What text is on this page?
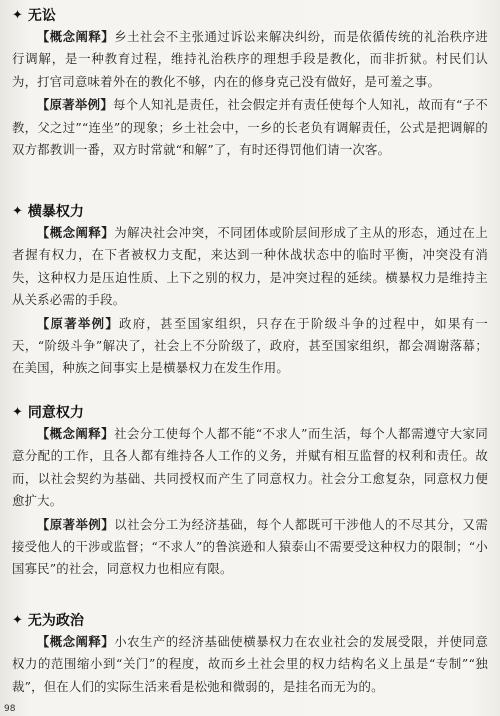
✦ 无讼

【概念阐释】乡土社会不主张通过诉讼来解决纠纷，而是依循传统的礼治秩序进行调解，是一种教育过程，维持礼治秩序的理想手段是教化，而非折狱。村民们认为，打官司意味着外在的教化不够，内在的修身克己没有做好，是可羞之事。

【原著举例】每个人知礼是责任，社会假定并有责任使每个人知礼，故而有“子不教，父之过”“连坐”的现象；乡土社会中，一乡的长老负有调解责任，公式是把调解的双方都教训一番，双方时常就“和解”了，有时还得罚他们请一次客。

✦ 横暴权力

【概念阐释】为解决社会冲突，不同团体或阶层间形成了主从的形态，通过在上者握有权力，在下者被权力支配，来达到一种休战状态中的临时平衡，冲突没有消失，这种权力是压迫性质、上下之别的权力，是冲突过程的延续。横暴权力是维持主从关系必需的手段。

【原著举例】政府，甚至国家组织，只存在于阶级斗争的过程中，如果有一天，“阶级斗争”解决了，社会上不分阶级了，政府，甚至国家组织，都会凋谢落幕；在美国，种族之间事实上是横暴权力在发生作用。

✦ 同意权力

【概念阐释】社会分工使每个人都不能“不求人”而生活，每个人都需遵守大家同意分配的工作，且各人都有维持各人工作的义务，并赋有相互监督的权利和责任。故而，以社会契约为基础、共同授权而产生了同意权力。社会分工愈复杂，同意权力便愈扩大。

【原著举例】以社会分工为经济基础，每个人都既可干涉他人的不尽其分，又需接受他人的干涉或监督；“不求人”的鲁滨逊和人猿泰山不需要受这种权力的限制；“小国寡民”的社会，同意权力也相应有限。

✦ 无为政治

【概念阐释】小农生产的经济基础使横暴权力在农业社会的发展受限，并使同意权力的范围缩小到“关门”的程度，故而乡土社会里的权力结构名义上虽是“专制”“独裁”，但在人们的实际生活来看是松弛和微弱的，是挂名而无为的。

98
